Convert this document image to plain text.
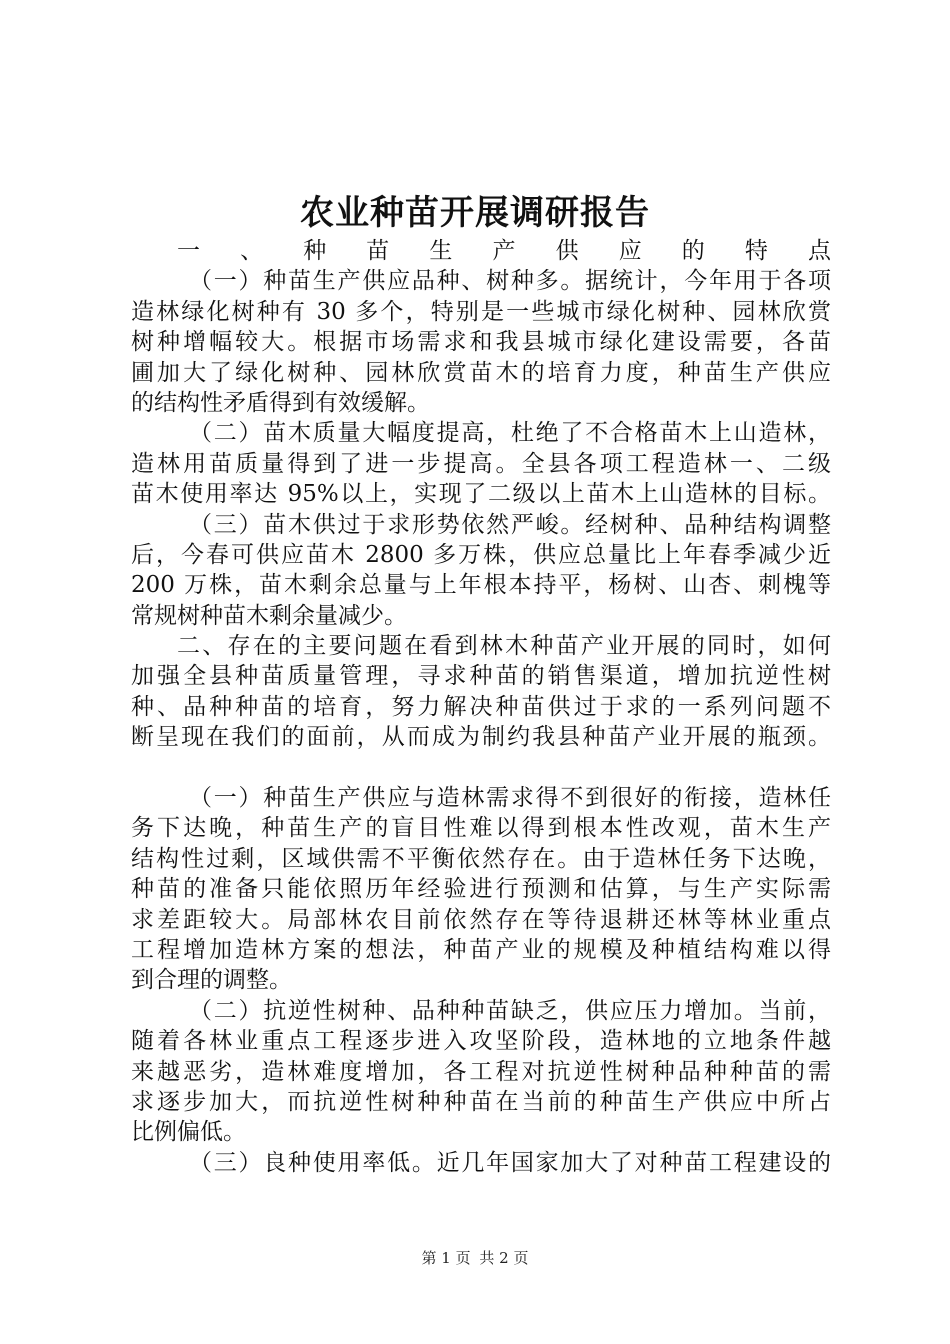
农业种苗开展调研报告
一、种苗生产供应的特点
（一）种苗生产供应品种、树种多。据统计，今年用于各项
造林绿化树种有 30 多个，特别是一些城市绿化树种、园林欣赏
树种增幅较大。根据市场需求和我县城市绿化建设需要，各苗
圃加大了绿化树种、园林欣赏苗木的培育力度，种苗生产供应
的结构性矛盾得到有效缓解。
（二）苗木质量大幅度提高，杜绝了不合格苗木上山造林，
造林用苗质量得到了进一步提高。全县各项工程造林一、二级
苗木使用率达 95%以上，实现了二级以上苗木上山造林的目标。
（三）苗木供过于求形势依然严峻。经树种、品种结构调整
后，今春可供应苗木 2800 多万株，供应总量比上年春季减少近
200 万株，苗木剩余总量与上年根本持平，杨树、山杏、刺槐等
常规树种苗木剩余量减少。
二、存在的主要问题在看到林木种苗产业开展的同时，如何
加强全县种苗质量管理，寻求种苗的销售渠道，增加抗逆性树
种、品种种苗的培育，努力解决种苗供过于求的一系列问题不
断呈现在我们的面前，从而成为制约我县种苗产业开展的瓶颈。
（一）种苗生产供应与造林需求得不到很好的衔接，造林任
务下达晚，种苗生产的盲目性难以得到根本性改观，苗木生产
结构性过剩，区域供需不平衡依然存在。由于造林任务下达晚，
种苗的准备只能依照历年经验进行预测和估算，与生产实际需
求差距较大。局部林农目前依然存在等待退耕还林等林业重点
工程增加造林方案的想法，种苗产业的规模及种植结构难以得
到合理的调整。
（二）抗逆性树种、品种种苗缺乏，供应压力增加。当前，
随着各林业重点工程逐步进入攻坚阶段，造林地的立地条件越
来越恶劣，造林难度增加，各工程对抗逆性树种品种种苗的需
求逐步加大，而抗逆性树种种苗在当前的种苗生产供应中所占
比例偏低。
（三）良种使用率低。近几年国家加大了对种苗工程建设的
第 1 页 共 2 页
